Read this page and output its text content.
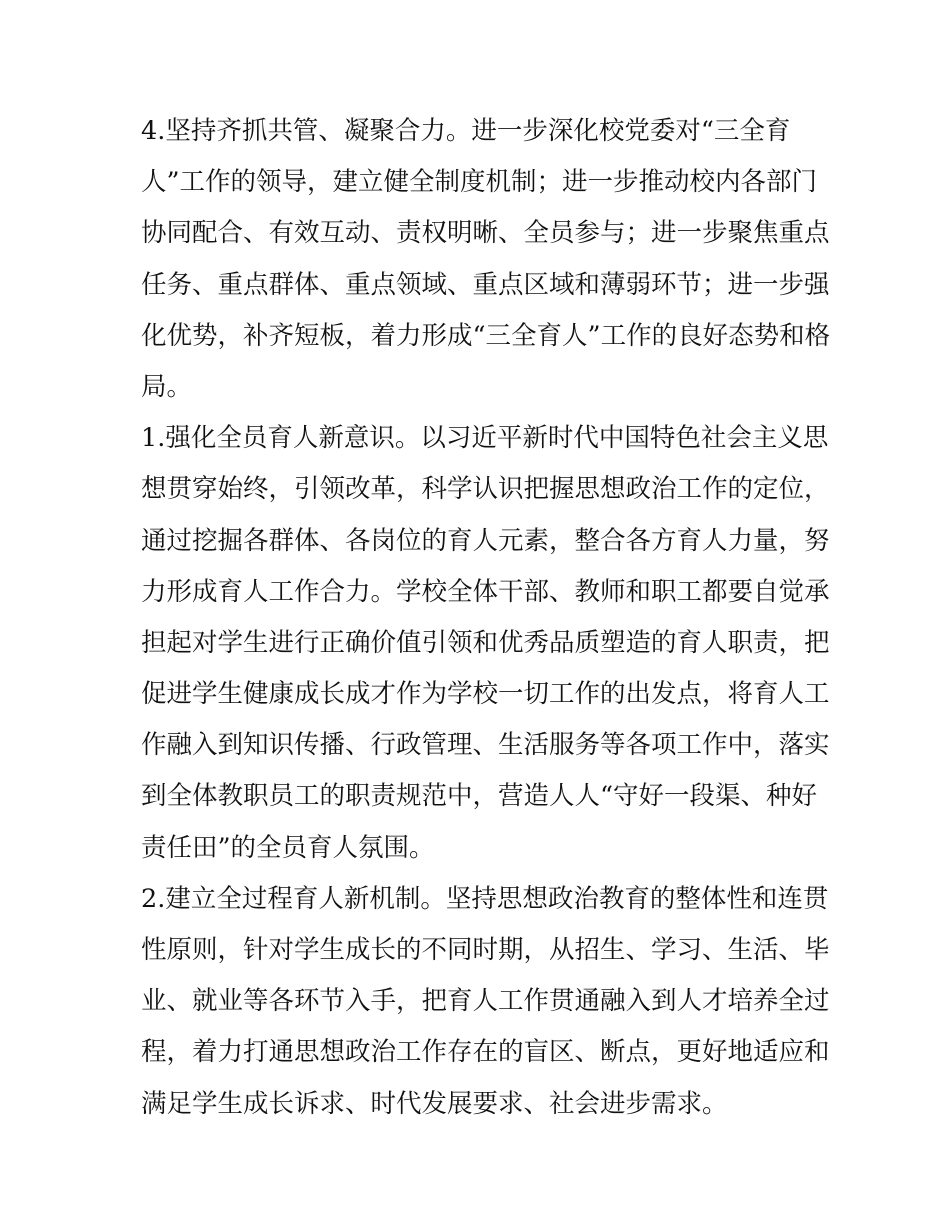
4.坚持齐抓共管、凝聚合力。进一步深化校党委对“三全育
人”工作的领导，建立健全制度机制；进一步推动校内各部门
协同配合、有效互动、责权明晰、全员参与；进一步聚焦重点
任务、重点群体、重点领域、重点区域和薄弱环节；进一步强
化优势，补齐短板，着力形成“三全育人”工作的良好态势和格
局。
1.强化全员育人新意识。以习近平新时代中国特色社会主义思
想贯穿始终，引领改革，科学认识把握思想政治工作的定位，
通过挖掘各群体、各岗位的育人元素，整合各方育人力量，努
力形成育人工作合力。学校全体干部、教师和职工都要自觉承
担起对学生进行正确价值引领和优秀品质塑造的育人职责，把
促进学生健康成长成才作为学校一切工作的出发点，将育人工
作融入到知识传播、行政管理、生活服务等各项工作中，落实
到全体教职员工的职责规范中，营造人人“守好一段渠、种好
责任田”的全员育人氛围。
2.建立全过程育人新机制。坚持思想政治教育的整体性和连贯
性原则，针对学生成长的不同时期，从招生、学习、生活、毕
业、就业等各环节入手，把育人工作贯通融入到人才培养全过
程，着力打通思想政治工作存在的盲区、断点，更好地适应和
满足学生成长诉求、时代发展要求、社会进步需求。
